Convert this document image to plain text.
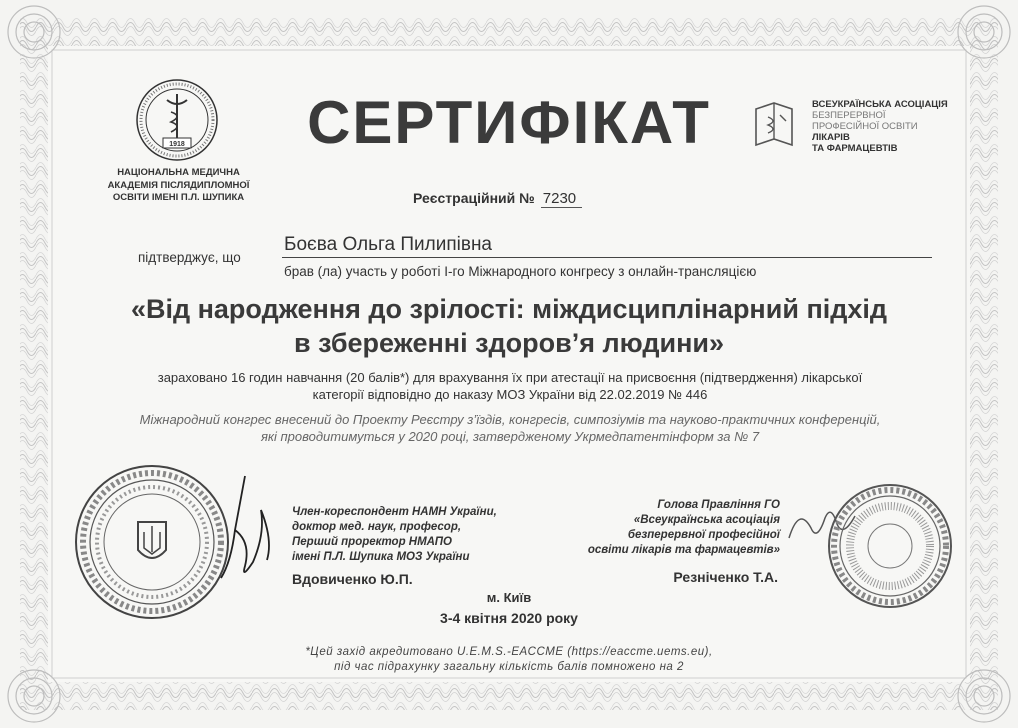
1918
НАЦІОНАЛЬНА МЕДИЧНА
АКАДЕМІЯ ПІСЛЯДИПЛОМНОЇ
ОСВІТИ ІМЕНІ П.Л. ШУПИКА
СЕРТИФІКАТ	ВСЕУКРАЇНСЬКА АСОЦІАЦІЯ
БЕЗПЕРЕРВНОЇ
ПРОФЕСІЙНОЇ ОСВІТИ
ЛІКАРІВ
ТА ФАРМАЦЕВТІВ
Реєстраційний № 7230
підтверджує, що
Боєва Ольга Пилипівна
брав (ла) участь у роботі I-го Міжнародного конгресу з онлайн-трансляцією
«Від народження до зрілості: міждисциплінарний підхід
в збереженні здоров’я людини»
зараховано 16 годин навчання (20 балів*) для врахування їх при атестації на присвоєння (підтвердження) лікарської
категорії відповідно до наказу МОЗ України від 22.02.2019 № 446
Міжнародний конгрес внесений до Проекту Реєстру з’їздів, конгресів, симпозіумів та науково-практичних конференцій,
які проводитимуться у 2020 році, затвердженому Укрмедпатентінформ за № 7
Член-кореспондент НАМН України,
доктор мед. наук, професор,
Перший проректор НМАПО
імені П.Л. Шупика МОЗ України
Вдовиченко Ю.П.
Голова Правління ГО
«Всеукраїнська асоціація
безперервної професійної
освіти лікарів та фармацевтів»
Резніченко Т.А.
м. Київ
3-4 квітня 2020 року
*Цей захід акредитовано U.E.M.S.-EACCME (https://eaccme.uems.eu),
під час підрахунку загальну кількість балів помножено на 2
